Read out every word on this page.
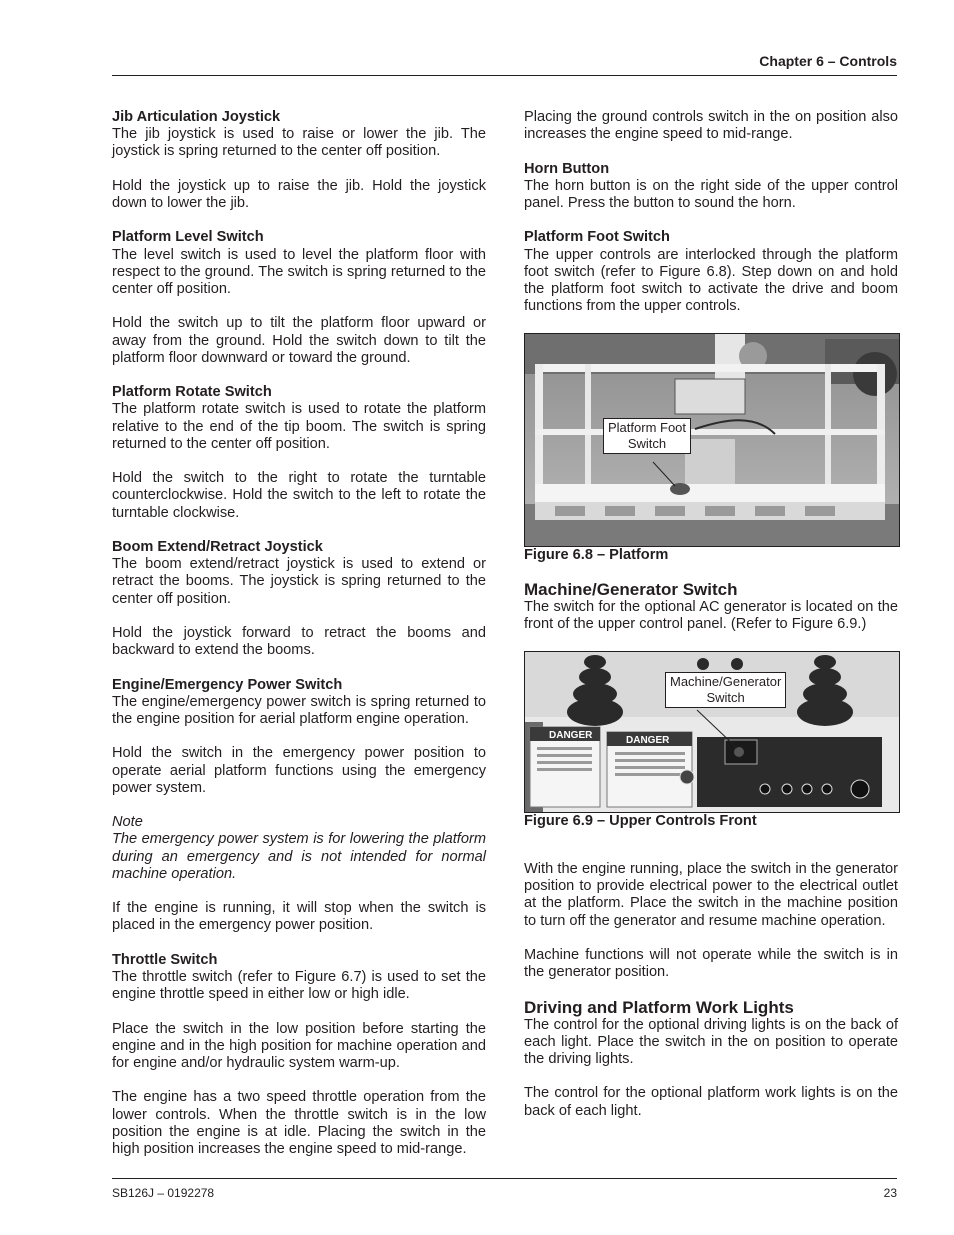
Chapter 6 – Controls
Jib Articulation Joystick

The jib joystick is used to raise or lower the jib. The joystick is spring returned to the center off position.

Hold the joystick up to raise the jib. Hold the joystick down to lower the jib.

Platform Level Switch

The level switch is used to level the platform floor with respect to the ground. The switch is spring returned to the center off position.

Hold the switch up to tilt the platform floor upward or away from the ground. Hold the switch down to tilt the platform floor downward or toward the ground.

Platform Rotate Switch

The platform rotate switch is used to rotate the platform relative to the end of the tip boom. The switch is spring returned to the center off position.

Hold the switch to the right to rotate the turntable counterclockwise. Hold the switch to the left to rotate the turntable clockwise.

Boom Extend/Retract Joystick

The boom extend/retract joystick is used to extend or retract the booms. The joystick is spring returned to the center off position.

Hold the joystick forward to retract the booms and backward to extend the booms.

Engine/Emergency Power Switch

The engine/emergency power switch is spring returned to the engine position for aerial platform engine operation.

Hold the switch in the emergency power position to operate aerial platform functions using the emergency power system.

Note

The emergency power system is for lowering the platform during an emergency and is not intended for normal machine operation.

If the engine is running, it will stop when the switch is placed in the emergency power position.

Throttle Switch

The throttle switch (refer to Figure 6.7) is used to set the engine throttle speed in either low or high idle.

Place the switch in the low position before starting the engine and in the high position for machine operation and for engine and/or hydraulic system warm-up.

The engine has a two speed throttle operation from the lower controls. When the throttle switch is in the low position the engine is at idle. Placing the switch in the high position increases the engine speed to mid-range.

Placing the ground controls switch in the on position also increases the engine speed to mid-range.

Horn Button

The horn button is on the right side of the upper control panel. Press the button to sound the horn.

Platform Foot Switch

The upper controls are interlocked through the platform foot switch (refer to Figure 6.8). Step down on and hold the platform foot switch to activate the drive and boom functions from the upper controls.

Platform Foot
Switch

Figure 6.8 – Platform

Machine/Generator Switch

The switch for the optional AC generator is located on the front of the upper control panel. (Refer to Figure 6.9.)

DANGER	DANGER
Machine/Generator
Switch

Figure 6.9 – Upper Controls Front

With the engine running, place the switch in the generator position to provide electrical power to the electrical outlet at the platform. Place the switch in the machine position to turn off the generator and resume machine operation.

Machine functions will not operate while the switch is in the generator position.

Driving and Platform Work Lights

The control for the optional driving lights is on the back of each light. Place the switch in the on position to operate the driving lights.

The control for the optional platform work lights is on the back of each light.

SB126J – 0192278	23
